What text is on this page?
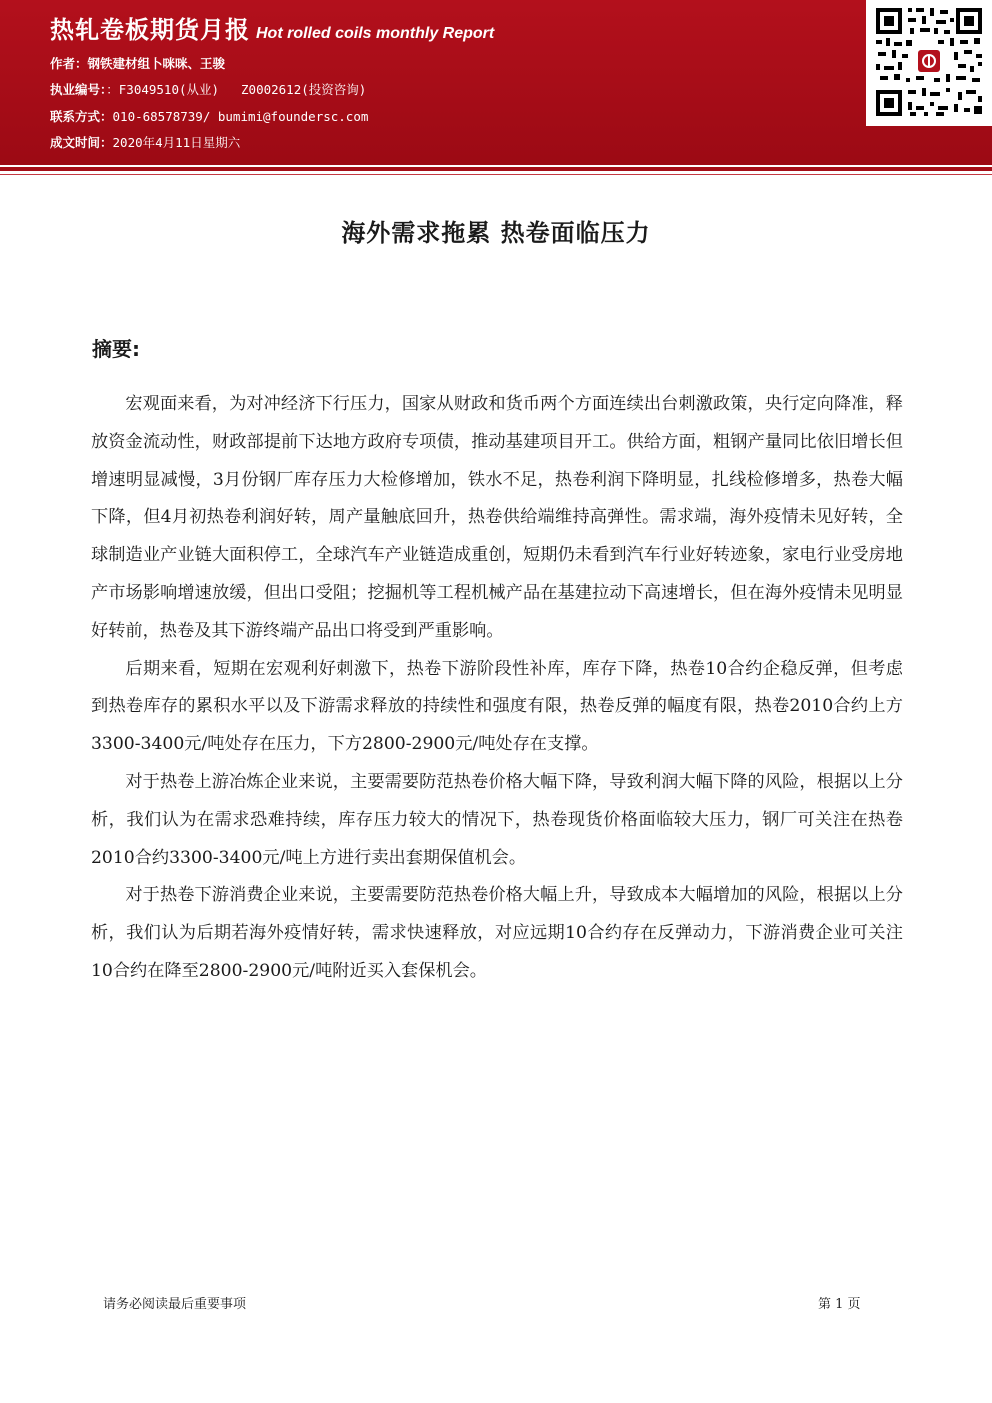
热轧卷板期货月报 Hot rolled coils monthly Report
作者：钢铁建材组卜咪咪、王骏
执业编号：：F3049510(从业) Z0002612(投资咨询)
联系方式：010-68578739/ bumimi@foundersc.com
成文时间：2020年4月11日星期六
海外需求拖累 热卷面临压力
摘要:

宏观面来看，为对冲经济下行压力，国家从财政和货币两个方面连续出台刺激政策，央行定向降准，释放资金流动性，财政部提前下达地方政府专项债，推动基建项目开工。供给方面，粗钢产量同比依旧增长但增速明显减慢，3月份钢厂库存压力大检修增加，铁水不足，热卷利润下降明显，扎线检修增多，热卷大幅下降，但4月初热卷利润好转，周产量触底回升，热卷供给端维持高弹性。需求端，海外疫情未见好转，全球制造业产业链大面积停工，全球汽车产业链造成重创，短期仍未看到汽车行业好转迹象，家电行业受房地产市场影响增速放缓，但出口受阻；挖掘机等工程机械产品在基建拉动下高速增长，但在海外疫情未见明显好转前，热卷及其下游终端产品出口将受到严重影响。

后期来看，短期在宏观利好刺激下，热卷下游阶段性补库，库存下降，热卷10合约企稳反弹，但考虑到热卷库存的累积水平以及下游需求释放的持续性和强度有限，热卷反弹的幅度有限，热卷2010合约上方3300-3400元/吨处存在压力，下方2800-2900元/吨处存在支撑。

对于热卷上游冶炼企业来说，主要需要防范热卷价格大幅下降，导致利润大幅下降的风险，根据以上分析，我们认为在需求恐难持续，库存压力较大的情况下，热卷现货价格面临较大压力，钢厂可关注在热卷2010合约3300-3400元/吨上方进行卖出套期保值机会。

对于热卷下游消费企业来说，主要需要防范热卷价格大幅上升，导致成本大幅增加的风险，根据以上分析，我们认为后期若海外疫情好转，需求快速释放，对应远期10合约存在反弹动力，下游消费企业可关注10合约在降至2800-2900元/吨附近买入套保机会。

请务必阅读最后重要事项	第 1 页
